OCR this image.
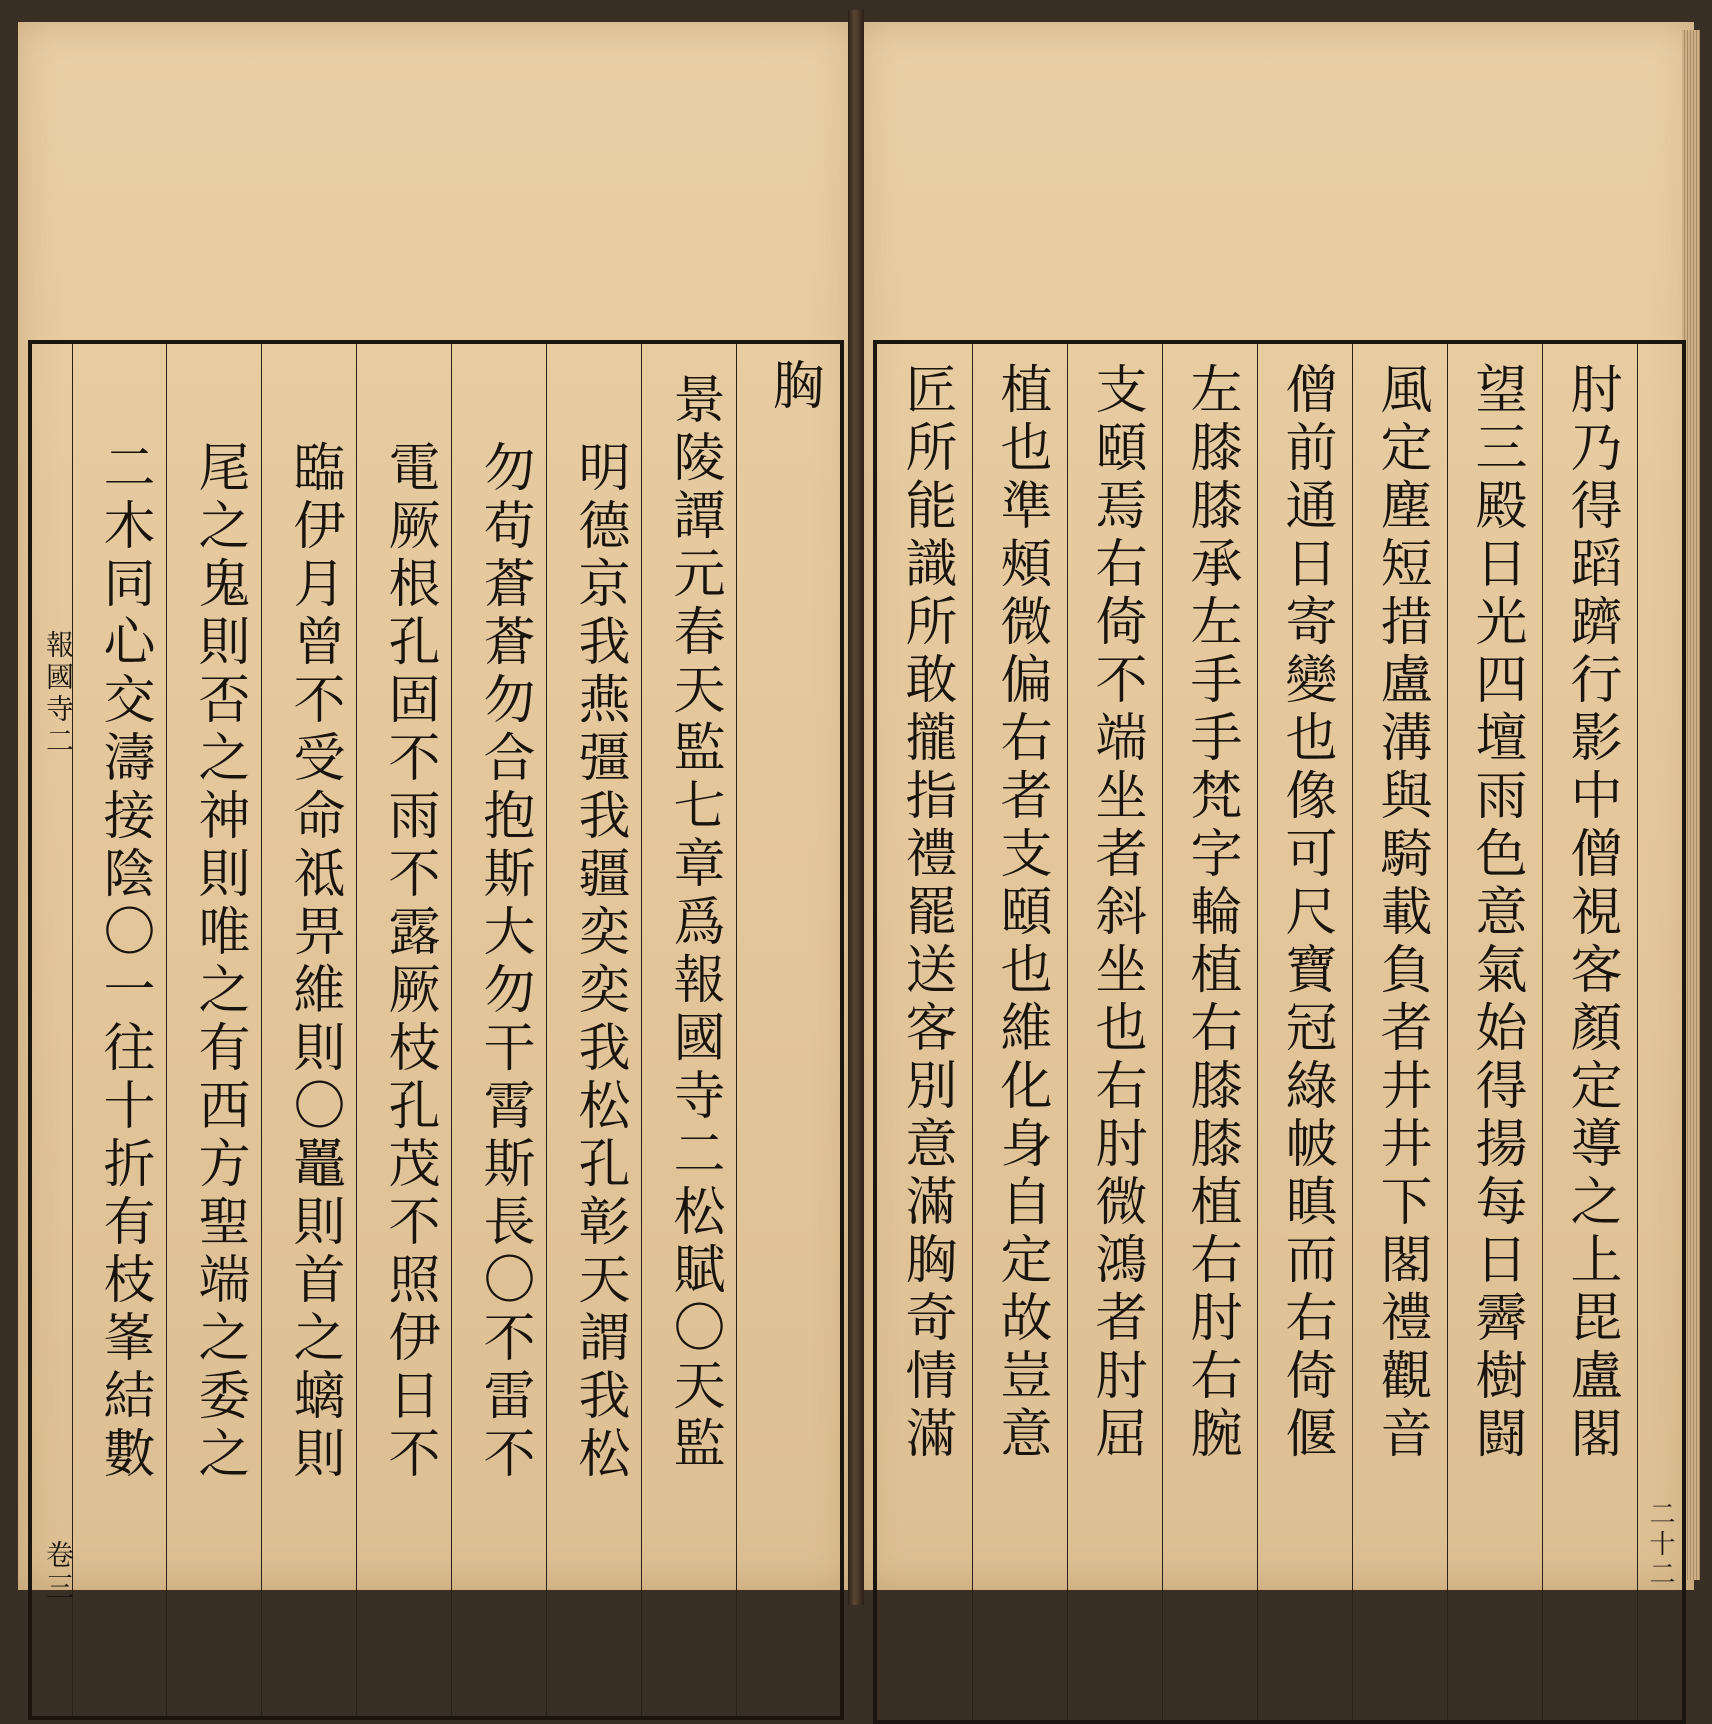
報國寺二
卷三
胸
景陵譚元春天監七章爲報國寺二松賦〇天監
明德京我燕彊我疆奕奕我松孔彰天謂我松
勿苟蒼蒼勿合抱斯大勿干霄斯長〇不雷不
電厥根孔固不雨不露厥枝孔茂不照伊日不
臨伊月曾不受命祗畀維則〇鼉則首之螭則
尾之鬼則否之神則唯之有西方聖端之委之
二木同心交濤接陰〇一往十折有枝峯結數	肘乃得蹈躋行影中僧視客顏定導之上毘盧閣
望三殿日光四壇雨色意氣始得揚每日霽樹闘
風定塵短措盧溝與騎載負者井井下閣禮觀音
僧前通日寄變也像可尺寶冠綠帔瞋而右倚偃
左膝膝承左手手梵字輪植右膝膝植右肘右腕
支頤焉右倚不端坐者斜坐也右肘微鴻者肘屈
植也準頰微偏右者支頤也維化身自定故豈意
匠所能識所敢攏指禮罷送客別意滿胸奇情滿
二十二
